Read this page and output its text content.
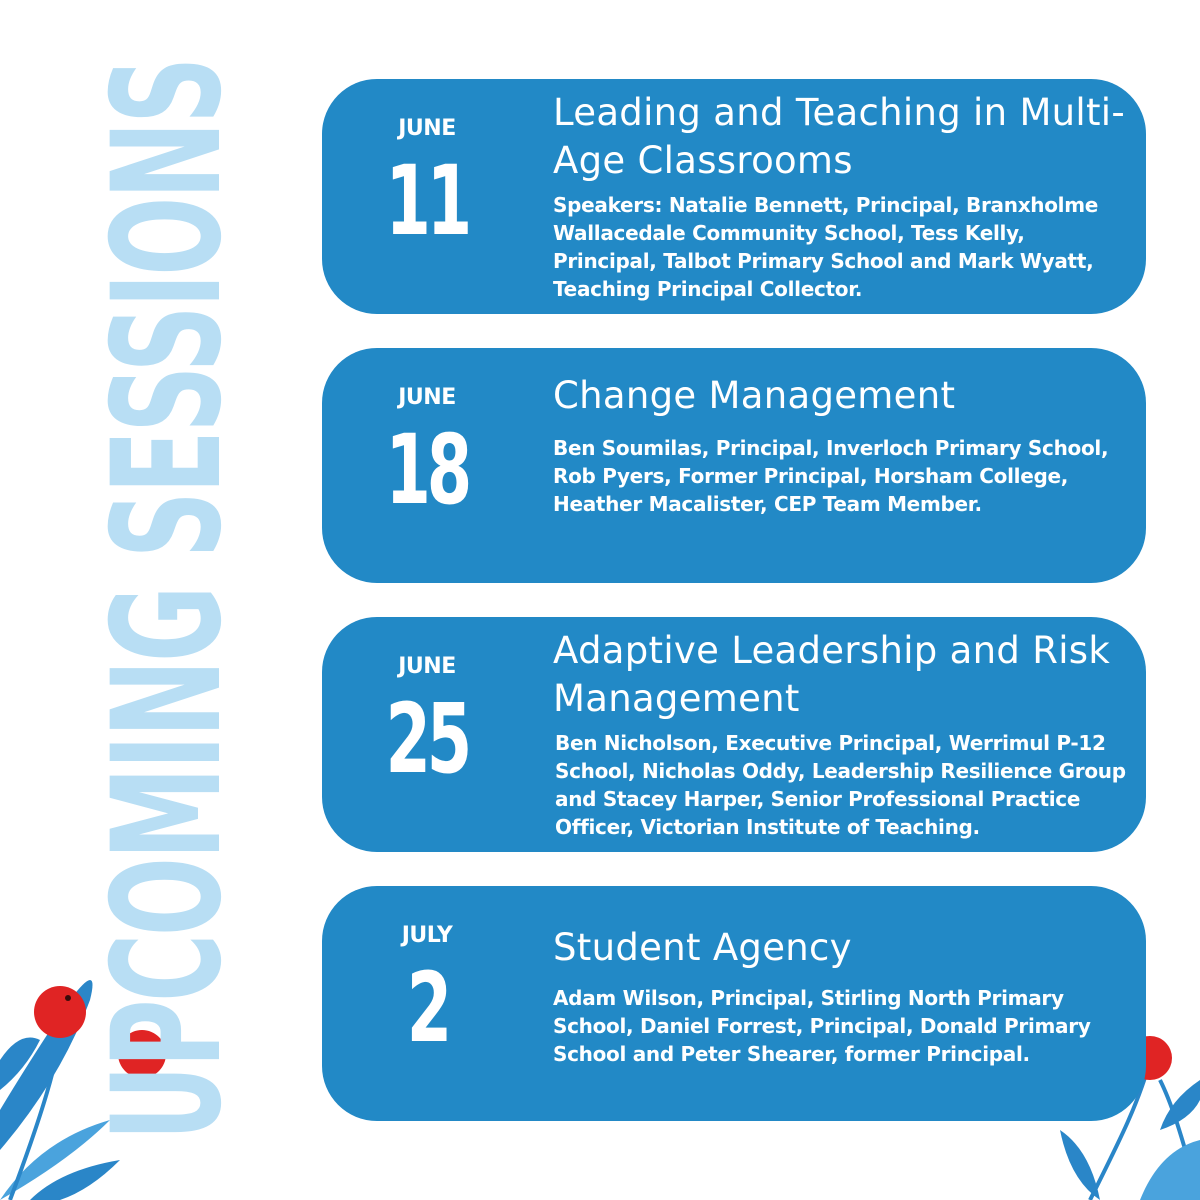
UPCOMING SESSIONS	JUNE
11
Leading and Teaching in Multi-Age Classrooms
Speakers: Natalie Bennett, Principal, Branxholme Wallacedale Community School, Tess Kelly, Principal, Talbot Primary School and Mark Wyatt, Teaching Principal Collector.
JUNE
18
Change Management
Ben Soumilas, Principal, Inverloch Primary School, Rob Pyers, Former Principal, Horsham College, Heather Macalister, CEP Team Member.
JUNE
25
Adaptive Leadership and Risk Management
Ben Nicholson, Executive Principal, Werrimul P-12 School, Nicholas Oddy, Leadership Resilience Group and Stacey Harper, Senior Professional Practice Officer, Victorian Institute of Teaching.
JULY
2
Student Agency
Adam Wilson, Principal, Stirling North Primary School, Daniel Forrest, Principal, Donald Primary School and Peter Shearer, former Principal.
